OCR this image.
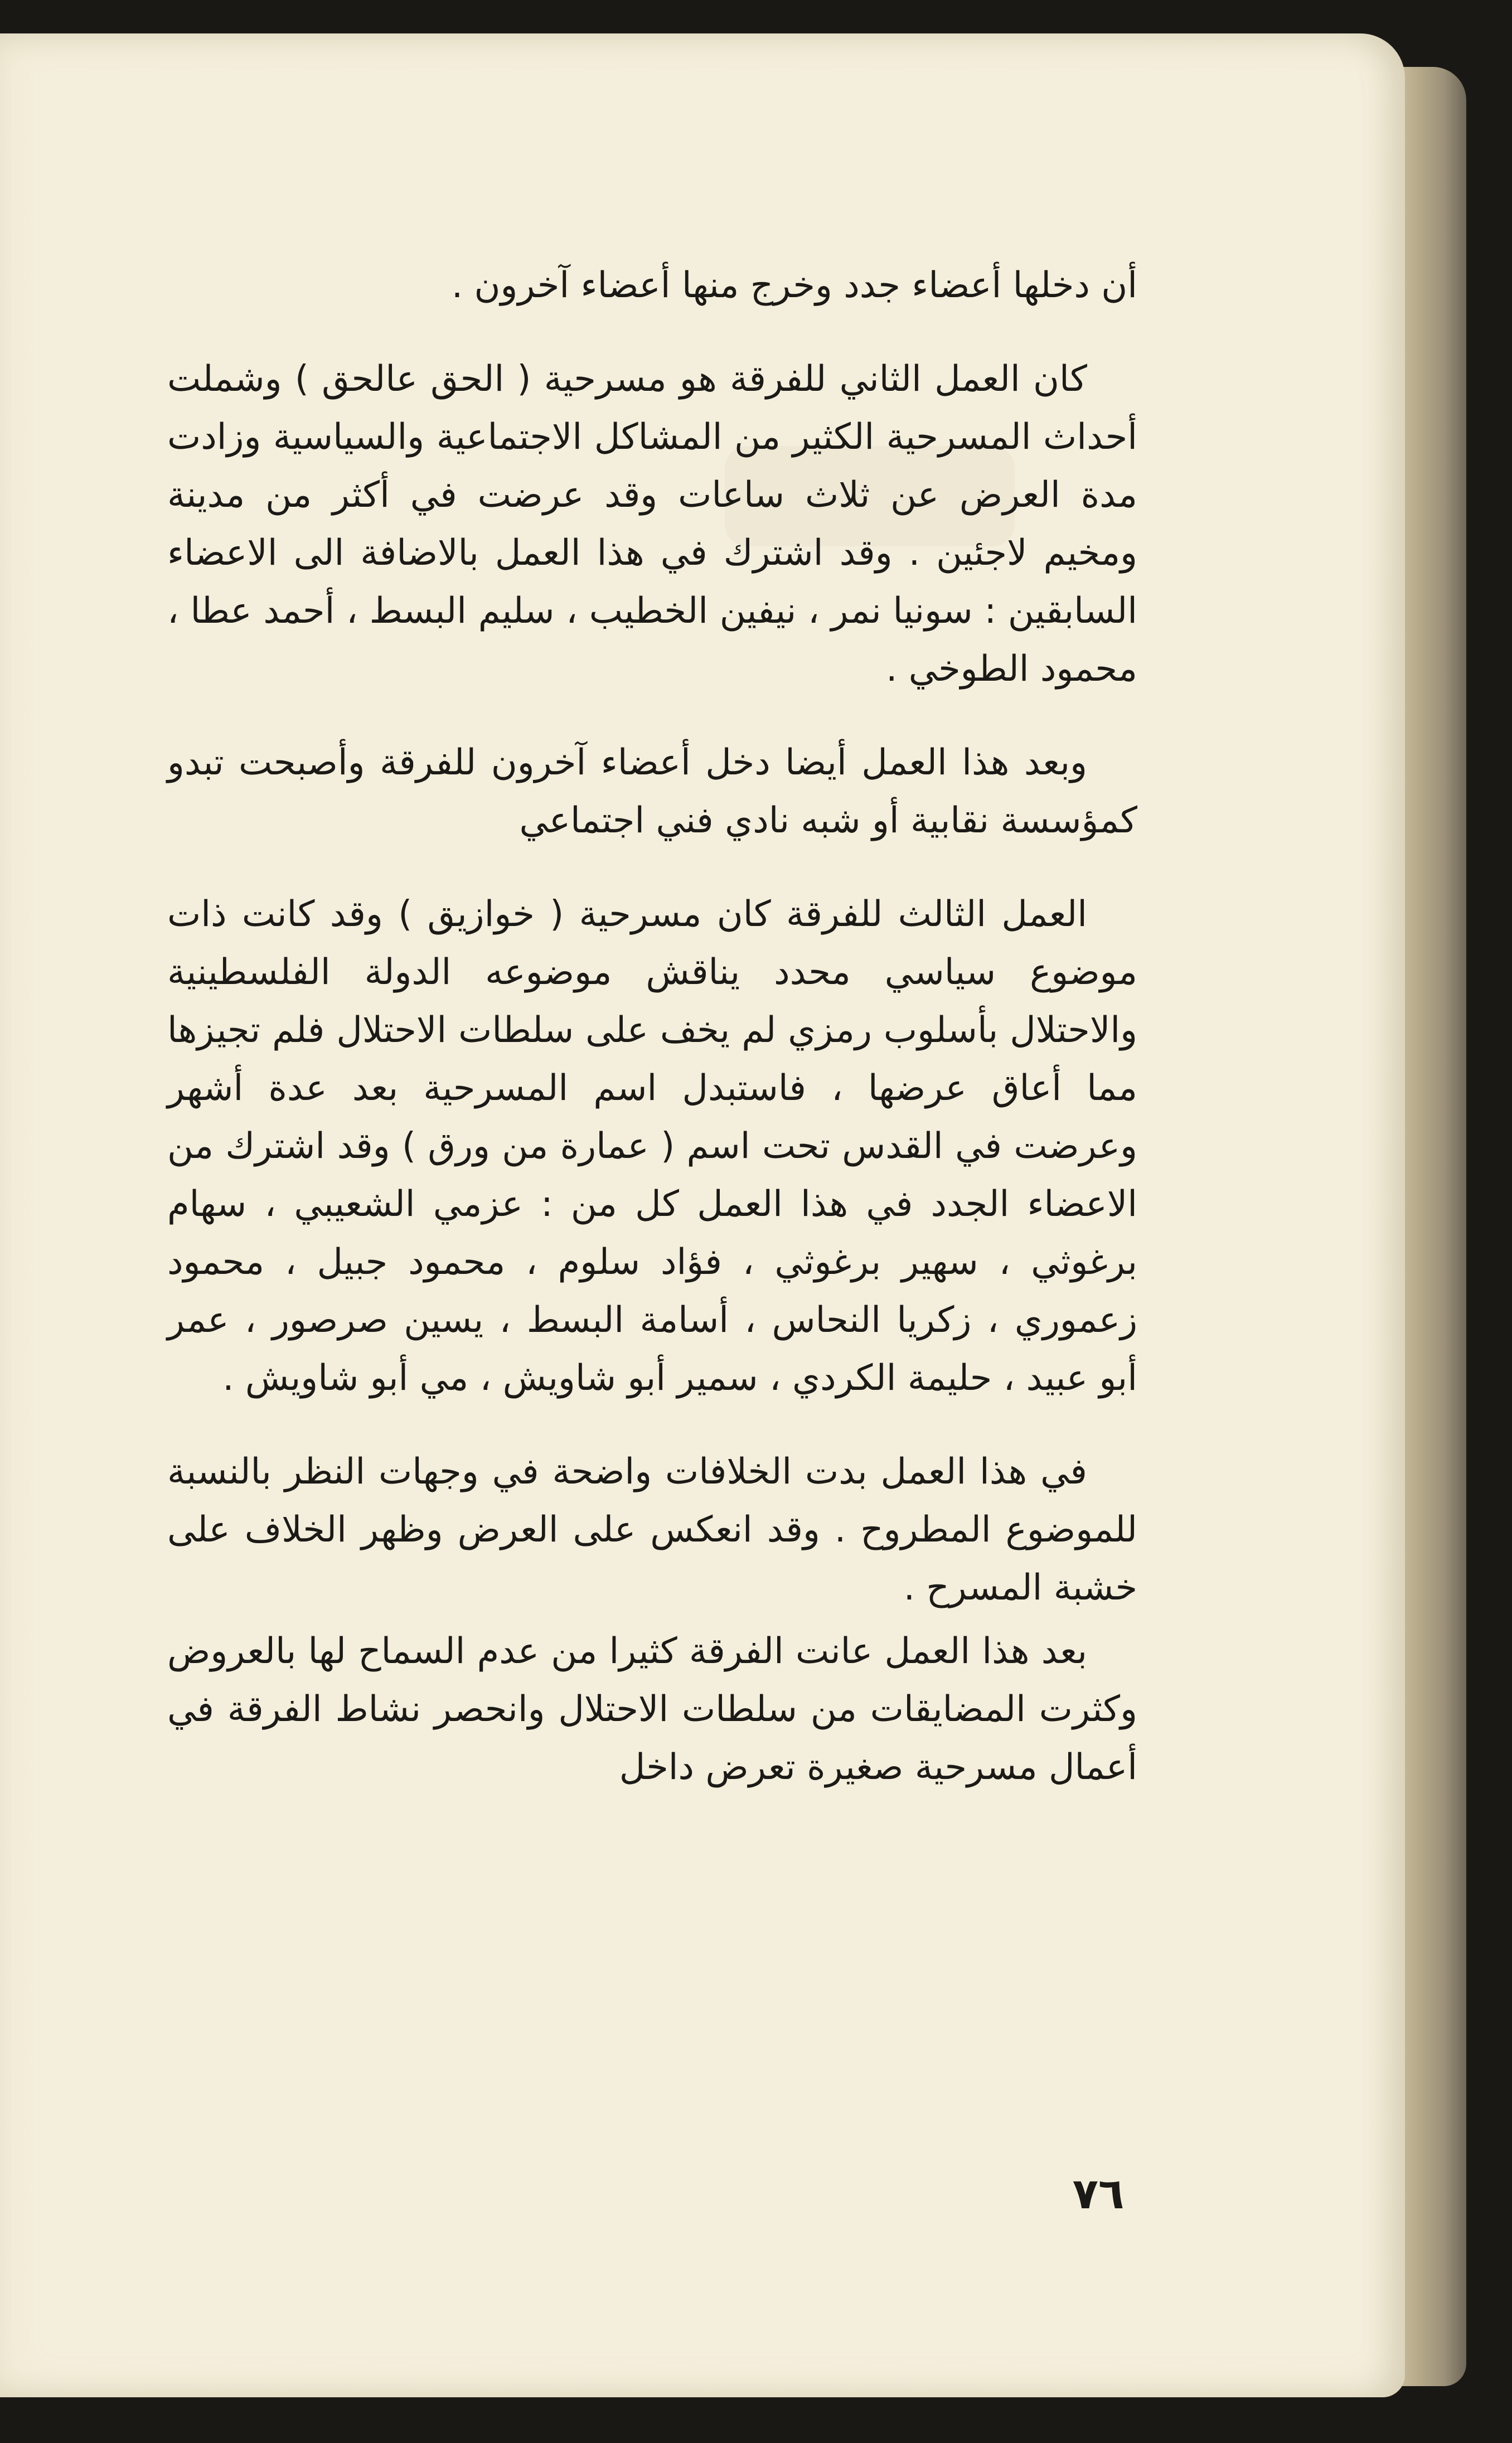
أن دخلها أعضاء جدد وخرج منها أعضاء آخرون .

كان العمل الثاني للفرقة هو مسرحية ( الحق عالحق ) وشملت أحداث المسرحية الكثير من المشاكل الاجتماعية والسياسية وزادت مدة العرض عن ثلاث ساعات وقد عرضت في أكثر من مدينة ومخيم لاجئين . وقد اشترك في هذا العمل بالاضافة الى الاعضاء السابقين : سونيا نمر ، نيفين الخطيب ، سليم البسط ، أحمد عطا ، محمود الطوخي .

وبعد هذا العمل أيضا دخل أعضاء آخرون للفرقة وأصبحت تبدو كمؤسسة نقابية أو شبه نادي فني اجتماعي

العمل الثالث للفرقة كان مسرحية ( خوازيق ) وقد كانت ذات موضوع سياسي محدد يناقش موضوعه الدولة الفلسطينية والاحتلال بأسلوب رمزي لم يخف على سلطات الاحتلال فلم تجيزها مما أعاق عرضها ، فاستبدل اسم المسرحية بعد عدة أشهر وعرضت في القدس تحت اسم ( عمارة من ورق ) وقد اشترك من الاعضاء الجدد في هذا العمل كل من : عزمي الشعيبي ، سهام برغوثي ، سهير برغوثي ، فؤاد سلوم ، محمود جبيل ، محمود زعموري ، زكريا النحاس ، أسامة البسط ، يسين صرصور ، عمر أبو عبيد ، حليمة الكردي ، سمير أبو شاويش ، مي أبو شاويش .

في هذا العمل بدت الخلافات واضحة في وجهات النظر بالنسبة للموضوع المطروح . وقد انعكس على العرض وظهر الخلاف على خشبة المسرح .

بعد هذا العمل عانت الفرقة كثيرا من عدم السماح لها بالعروض وكثرت المضايقات من سلطات الاحتلال وانحصر نشاط الفرقة في أعمال مسرحية صغيرة تعرض داخل

٧٦
